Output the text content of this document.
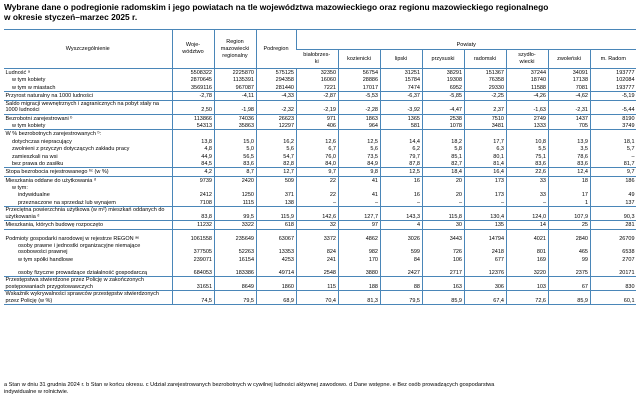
Wybrane dane o podregionie radomskim i jego powiatach na tle województwa mazowieckiego oraz regionu mazowieckiego regionalnego
w okresie styczeń–marzec 2025 r.
Wyszczególnienie	Woje-
wództwo	Region
mazowiecki
regionalny	Podregion	Powiaty							
				białobrzes-
ki	kozienicki	lipski	przysuski	radomski	szydło-
wiecki	zwoleński	m. Radom
Ludność ᵃ	5508322	2225870	575125	32350	56754	31251	38291	151367	37244	34091	193777
w tym kobiety	2870645	1135391	294358	16060	28886	15784	19308	76358	18740	17138	102084
w tym w miastach	3569116	967087	281440	7221	17017	7474	6952	29330	11588	7081	193777
Przyrost naturalny na 1000 ludności	-2,78	-4,11	-4,33	-2,87	-5,53	-6,37	-5,85	-2,25	-4,26	-4,62	-5,19
Saldo migracji wewnętrznych i zagranicznych na pobyt stały na 1000 ludności	2,50	-1,98	-2,32	-2,19	-2,28	-3,92	-4,47	2,37	-1,63	-2,31	-5,44
Bezrobotni zarejestrowani ᵇ	113866	74036	26623	971	1863	1365	2538	7510	2749	1437	8190
w tym kobiety	54313	35863	12297	406	964	581	1078	3481	1333	705	3749
W % bezrobotnych zarejestrowanych ᵇ:											
dotychczas niepracujący	13,8	15,0	16,2	12,6	12,5	14,4	18,2	17,7	10,8	13,9	18,1
zwolnieni z przyczyn dotyczących zakładu pracy	4,8	5,0	5,6	6,7	5,6	6,2	5,8	6,3	5,5	3,5	5,7
zamieszkali na wsi	44,9	56,5	54,7	76,0	73,5	79,7	85,1	80,1	75,1	78,6	–
bez prawa do zasiłku	84,5	83,6	82,8	84,0	84,9	87,8	82,7	81,4	83,6	83,6	81,7
Stopa bezrobocia rejestrowanego ᵇᶜ (w %)	4,2	8,7	12,7	9,7	9,8	12,5	18,4	16,4	22,6	12,4	9,7
Mieszkania oddane do użytkowania ᵈ	9739	2420	509	22	41	16	20	173	33	18	186
w tym:											
indywidualne	2412	1250	371	22	41	16	20	173	33	17	49
przeznaczone na sprzedaż lub wynajem	7108	1115	138	–	–	–	–	–	–	1	137
Przeciętna powierzchnia użytkowa (w m²) mieszkań oddanych do użytkowania ᵈ	83,8	99,5	115,9	142,6	127,7	143,3	115,8	130,4	124,0	107,9	90,3
Mieszkania, których budowę rozpoczęto	11232	3322	618	32	97	4	30	135	14	25	281
Podmioty gospodarki narodowej w rejestrze REGON ᵃᵉ	1061558	235649	63067	3372	4862	3026	3443	14794	4021	2840	26709
osoby prawne i jednostki organizacyjne niemające osobowości prawnej	377505	52263	13353	824	982	599	726	2418	801	465	6538
w tym spółki handlowe	239071	16154	4253	241	170	84	106	677	169	99	2707
osoby fizyczne prowadzące działalność gospodarczą	684053	183386	49714	2548	3880	2427	2717	12376	3220	2375	20171
Przestępstwa stwierdzone przez Policję w zakończonych postępowaniach przygotowawczych	31651	8649	1860	115	188	88	163	306	103	67	830
Wskaźnik wykrywalności sprawców przestępstw stwierdzonych przez Policję (w %)	74,5	79,5	68,9	70,4	81,3	79,5	85,9	67,4	72,6	85,9	60,1
a Stan w dniu 31 grudnia 2024 r. b Stan w końcu okresu. c Udział zarejestrowanych bezrobotnych w cywilnej ludności aktywnej zawodowo. d Dane wstępne. e Bez osób prowadzących gospodarstwa
indywidualne w rolnictwie.
